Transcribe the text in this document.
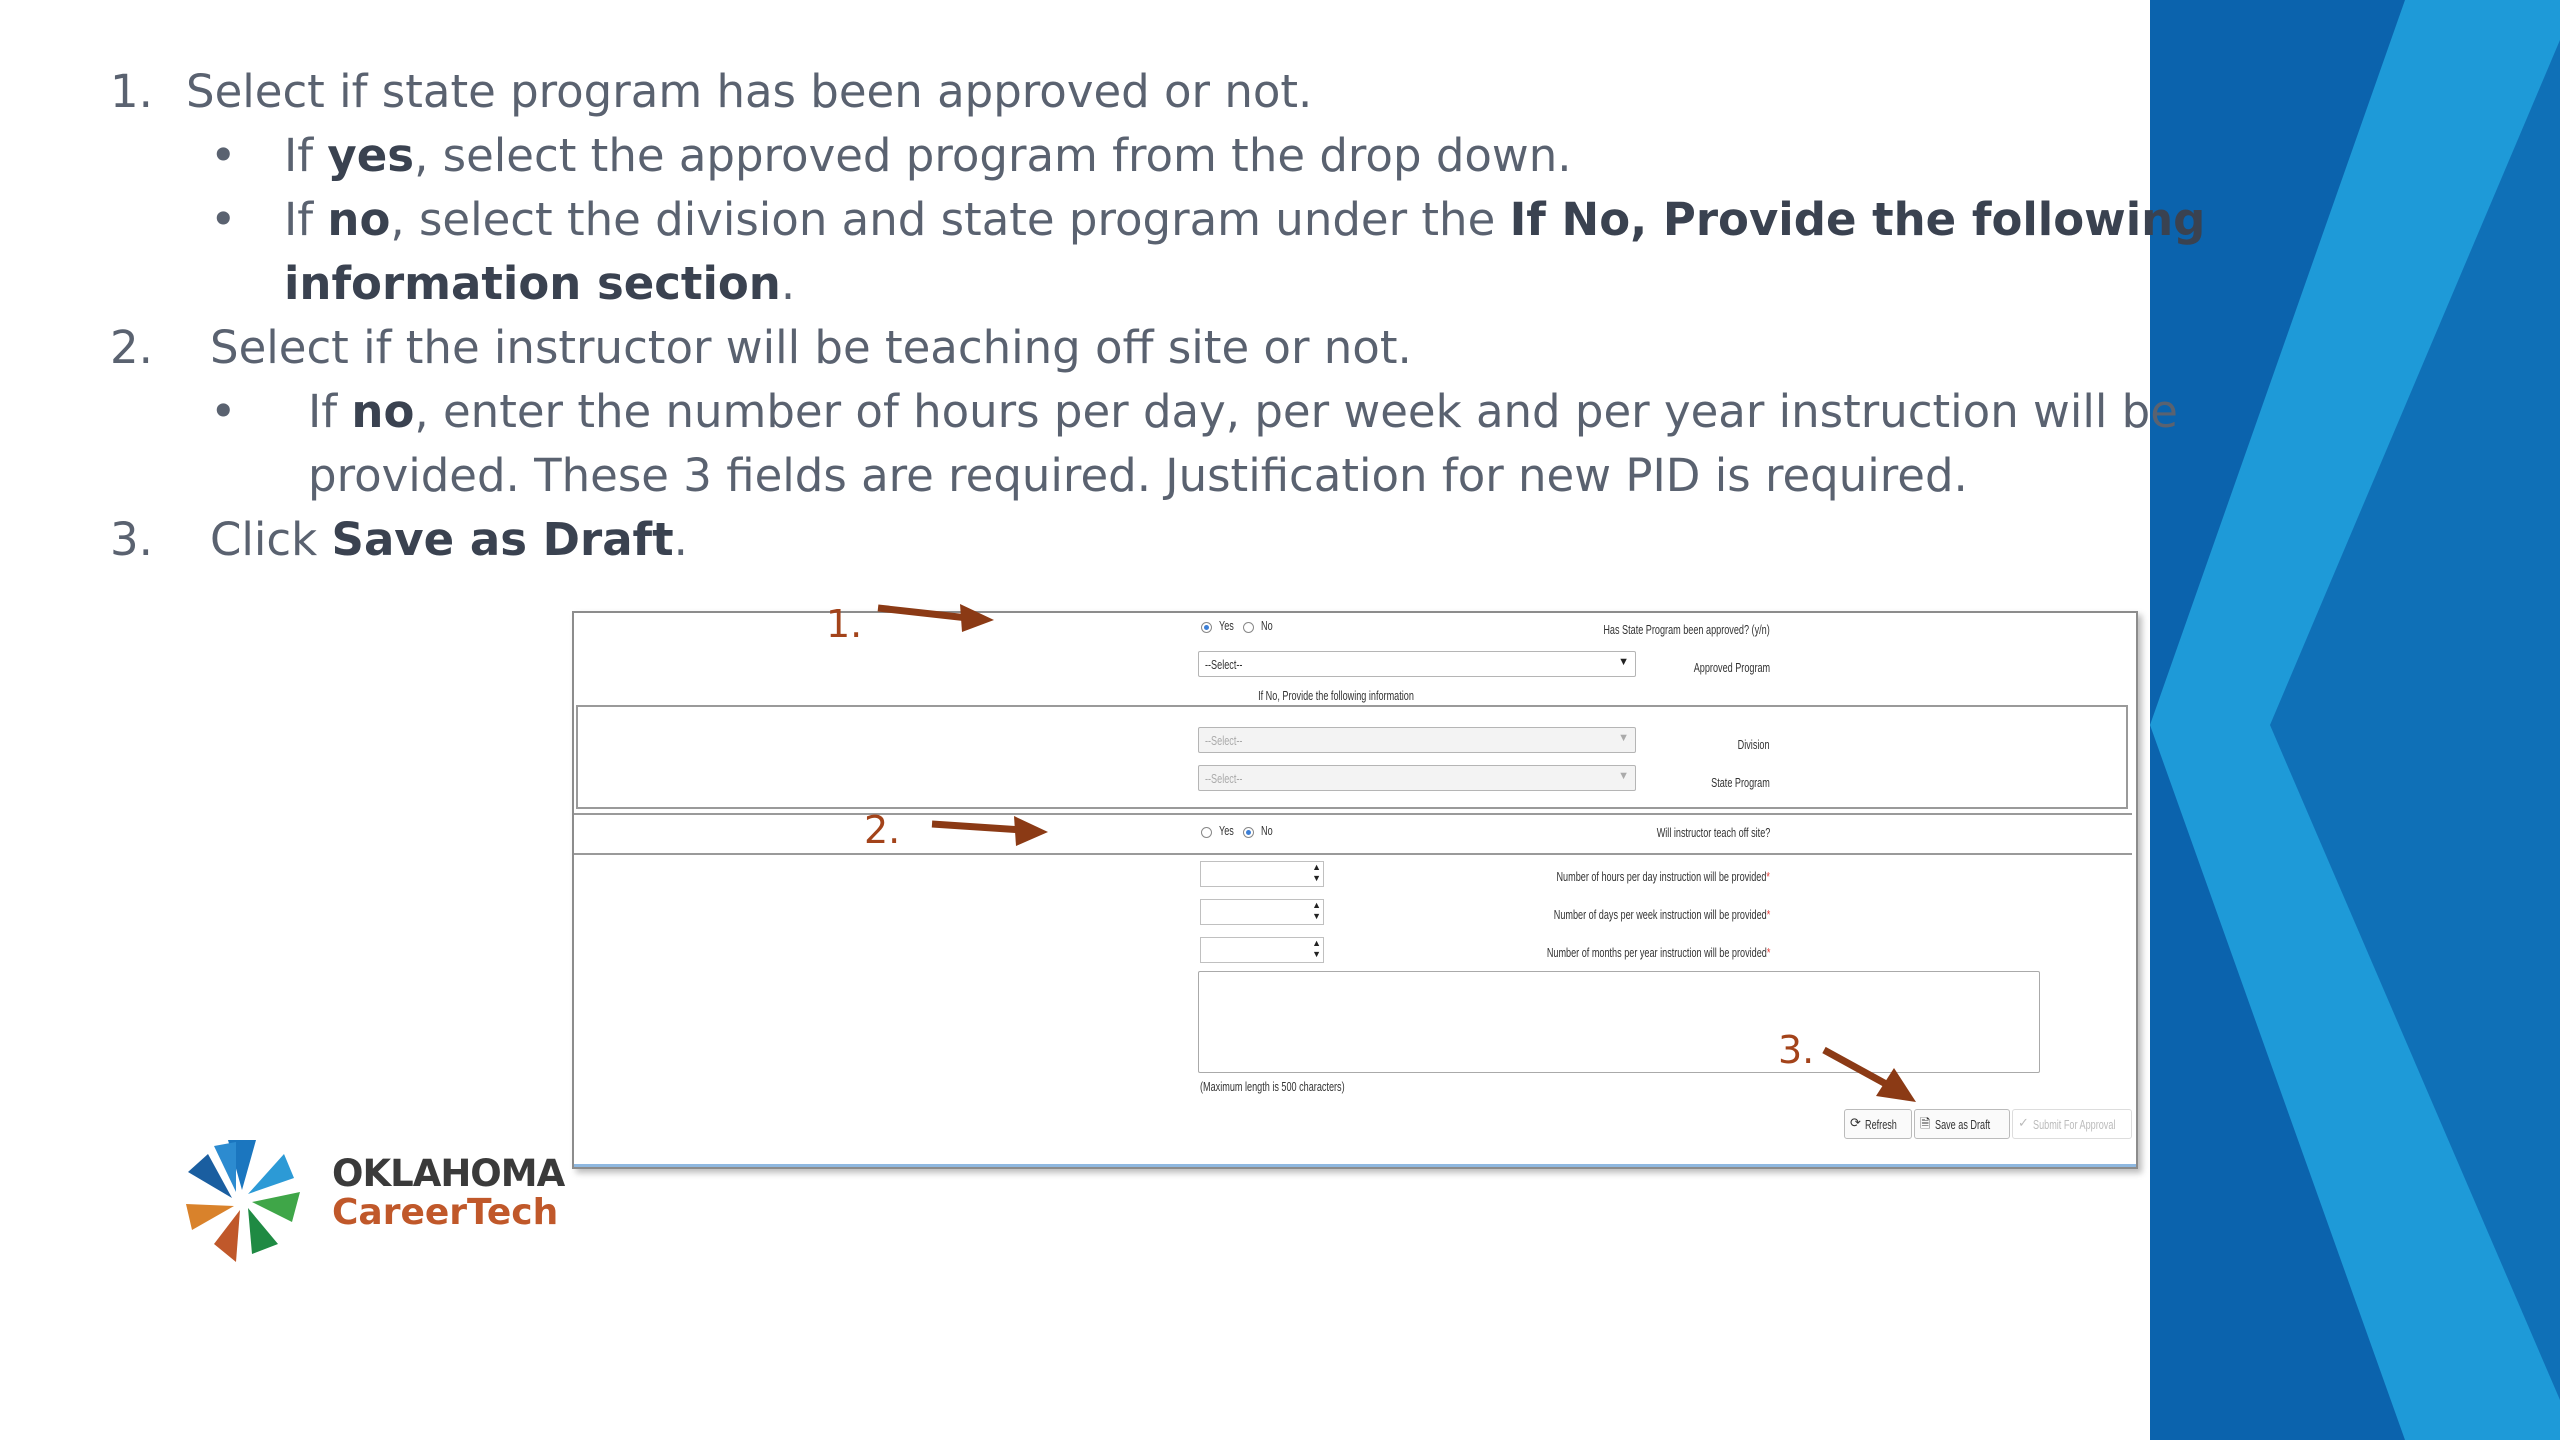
1. Select if state program has been approved or not.
• If yes, select the approved program from the drop down.
• If no, select the division and state program under the If No, Provide the following
information section.
2. Select if the instructor will be teaching off site or not.
• If no, enter the number of hours per day, per week and per year instruction will be
provided. These 3 fields are required. Justification for new PID is required.
3. Click Save as Draft.
Has State Program been approved? (y/n)
Yes No
Approved Program
--Select--	▼
If No, Provide the following information
Division
--Select--	▼
State Program
--Select--	▼
Will instructor teach off site?
Yes No
Number of hours per day instruction will be provided*
▲
▼
Number of days per week instruction will be provided*
▲
▼
Number of months per year instruction will be provided*
▲
▼
(Maximum length is 500 characters)
⟳ Refresh 🗎 Save as Draft ✓ Submit For Approval
1.
2.
3.
OKLAHOMA
CareerTech
